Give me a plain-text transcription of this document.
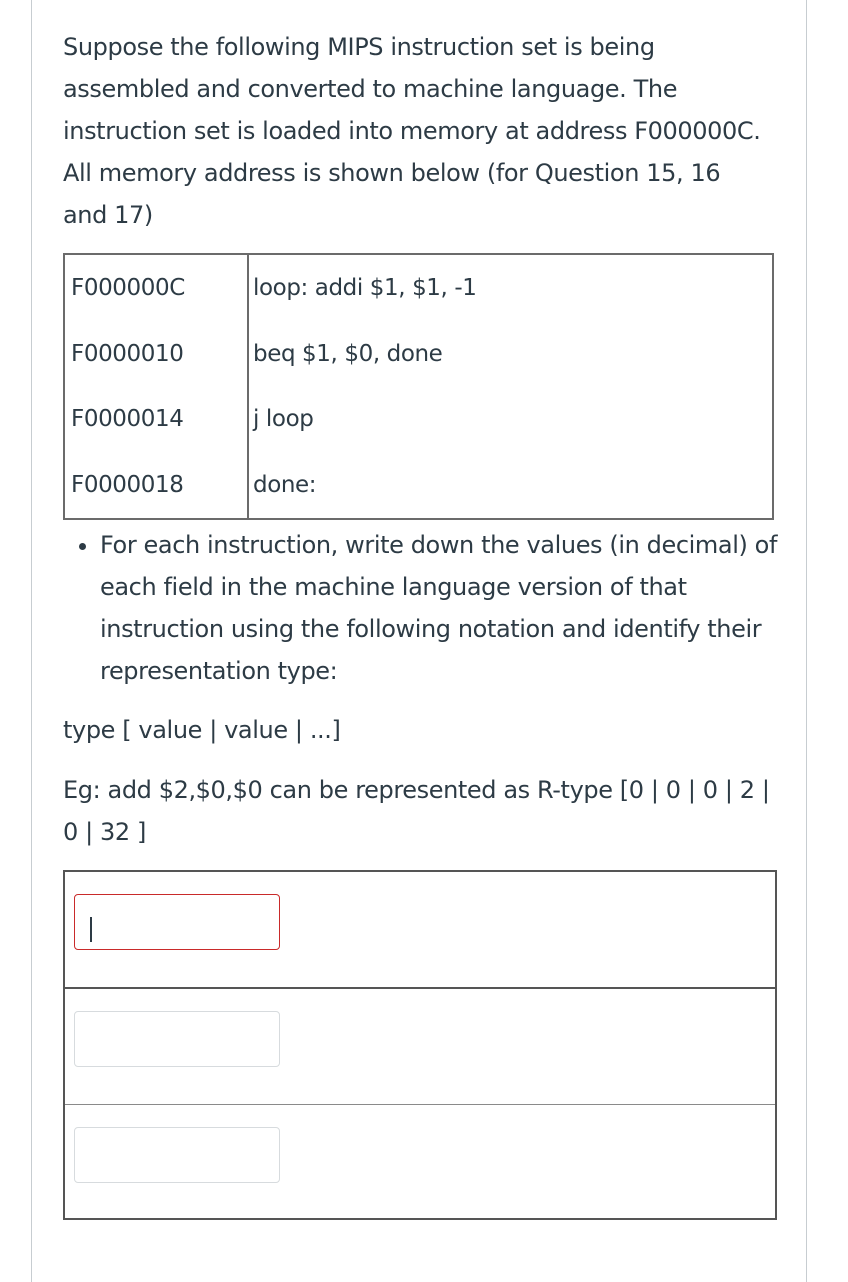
Suppose the following MIPS instruction set is being assembled and converted to machine language. The instruction set is loaded into memory at address F000000C. All memory address is shown below (for Question 15, 16 and 17)
F000000C	loop: addi $1, $1, -1
F0000010	beq $1, $0, done
F0000014	j loop
F0000018	done:
• For each instruction, write down the values (in decimal) of each field in the machine language version of that instruction using the following notation and identify their representation type:
type [ value | value | ...]
Eg: add $2,$0,$0 can be represented as R-type [0 | 0 | 0 | 2 | 0 | 32 ]
